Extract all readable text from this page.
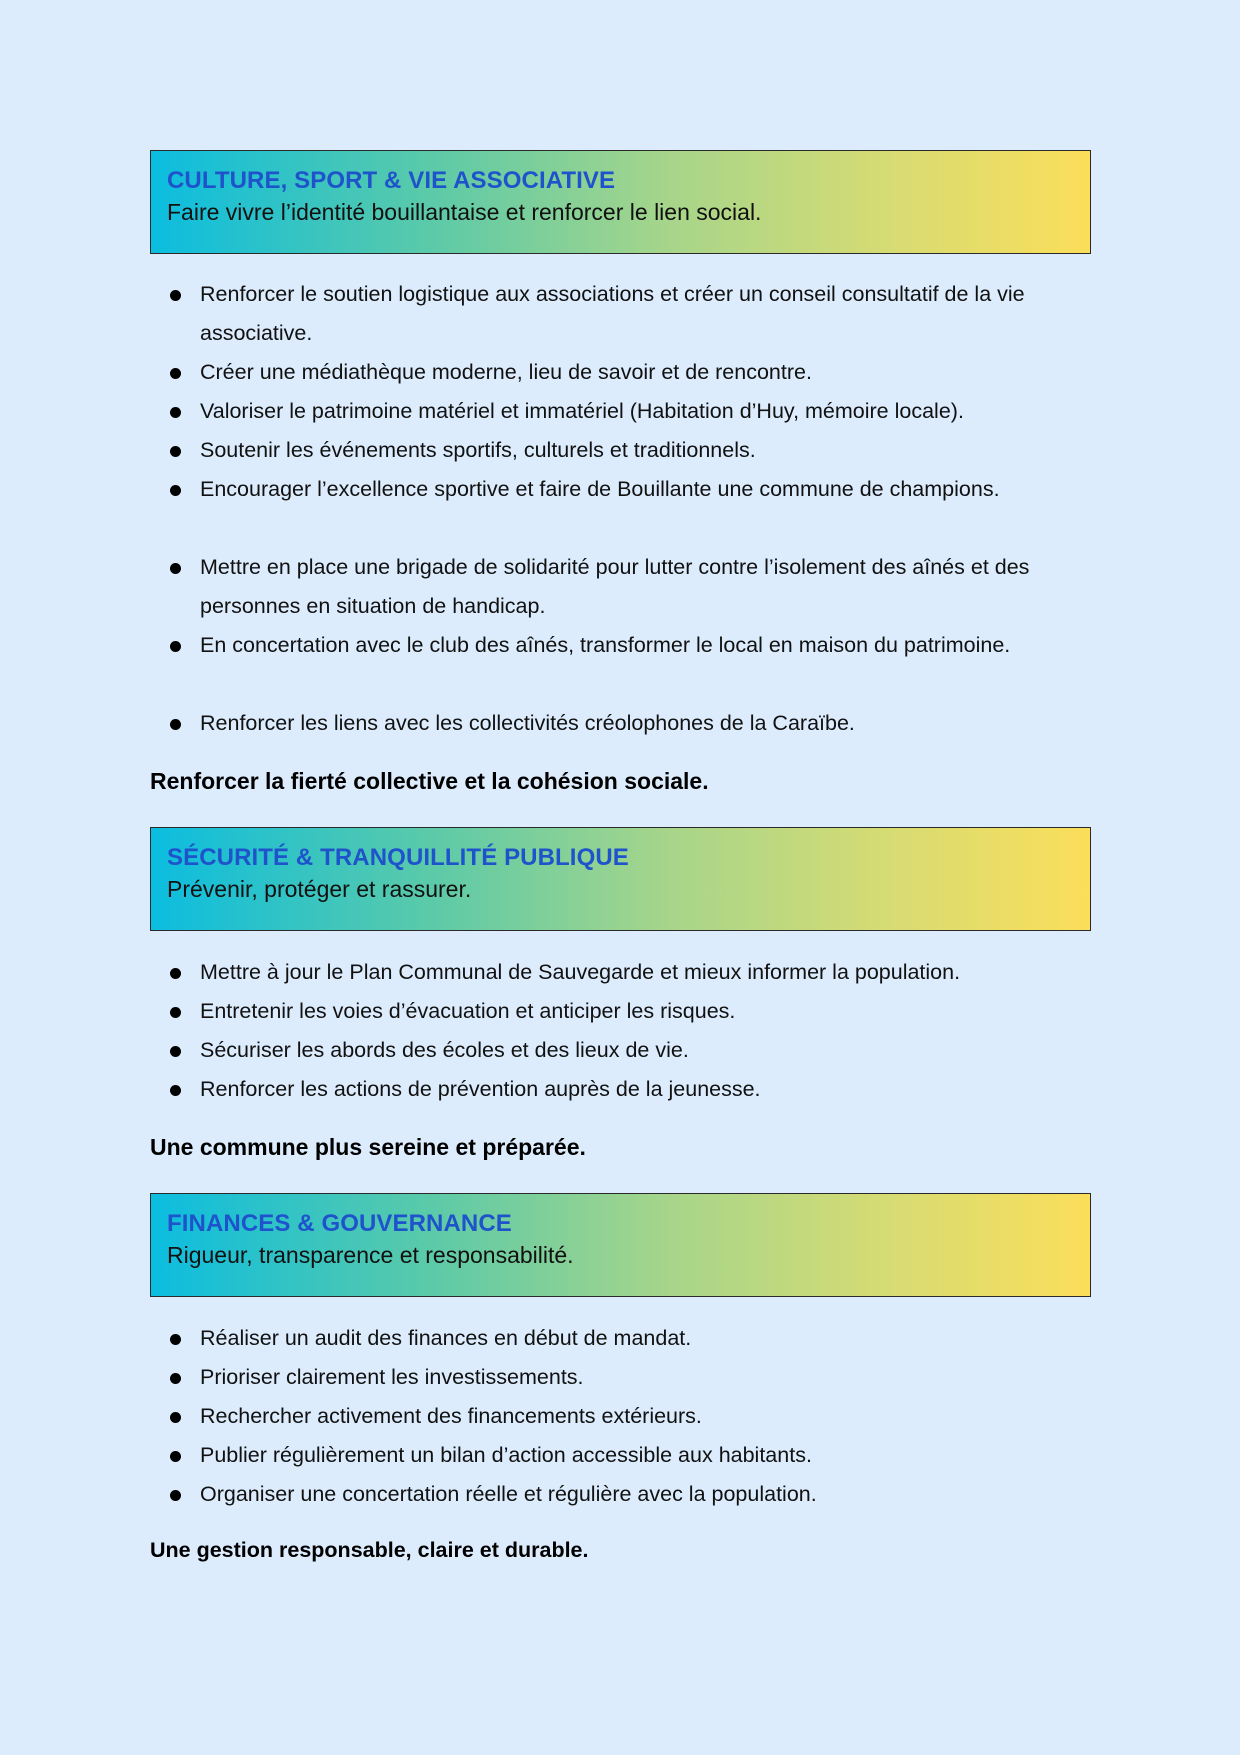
CULTURE, SPORT & VIE ASSOCIATIVE
Faire vivre l’identité bouillantaise et renforcer le lien social.
Renforcer le soutien logistique aux associations et créer un conseil consultatif de la vie associative.
Créer une médiathèque moderne, lieu de savoir et de rencontre.
Valoriser le patrimoine matériel et immatériel (Habitation d’Huy, mémoire locale).
Soutenir les événements sportifs, culturels et traditionnels.
Encourager l’excellence sportive et faire de Bouillante une commune de champions.
Mettre en place une brigade de solidarité pour lutter contre l’isolement des aînés et des personnes en situation de handicap.
En concertation avec le club des aînés, transformer le local en maison du patrimoine.
Renforcer les liens avec les collectivités créolophones de la Caraïbe.
Renforcer la fierté collective et la cohésion sociale.
SÉCURITÉ & TRANQUILLITÉ PUBLIQUE
Prévenir, protéger et rassurer.
Mettre à jour le Plan Communal de Sauvegarde et mieux informer la population.
Entretenir les voies d’évacuation et anticiper les risques.
Sécuriser les abords des écoles et des lieux de vie.
Renforcer les actions de prévention auprès de la jeunesse.
Une commune plus sereine et préparée.
FINANCES & GOUVERNANCE
Rigueur, transparence et responsabilité.
Réaliser un audit des finances en début de mandat.
Prioriser clairement les investissements.
Rechercher activement des financements extérieurs.
Publier régulièrement un bilan d’action accessible aux habitants.
Organiser une concertation réelle et régulière avec la population.
Une gestion responsable, claire et durable.
